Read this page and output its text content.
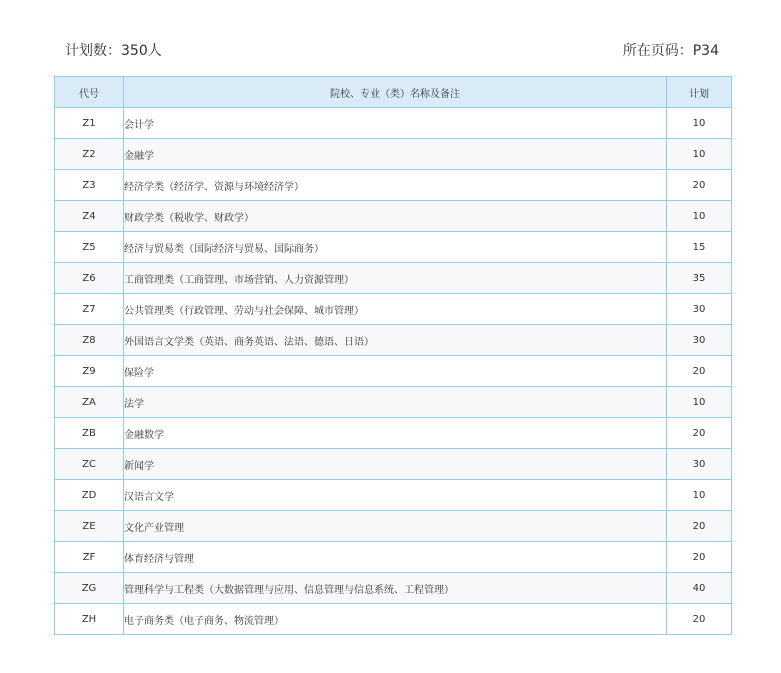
计划数：350人	所在页码：P34
代号	院校、专业（类）名称及备注	计划
Z1	会计学	10
Z2	金融学	10
Z3	经济学类（经济学、资源与环境经济学）	20
Z4	财政学类（税收学、财政学）	10
Z5	经济与贸易类（国际经济与贸易、国际商务）	15
Z6	工商管理类（工商管理、市场营销、人力资源管理）	35
Z7	公共管理类（行政管理、劳动与社会保障、城市管理）	30
Z8	外国语言文学类（英语、商务英语、法语、德语、日语）	30
Z9	保险学	20
ZA	法学	10
ZB	金融数学	20
ZC	新闻学	30
ZD	汉语言文学	10
ZE	文化产业管理	20
ZF	体育经济与管理	20
ZG	管理科学与工程类（大数据管理与应用、信息管理与信息系统、工程管理）	40
ZH	电子商务类（电子商务、物流管理）	20
